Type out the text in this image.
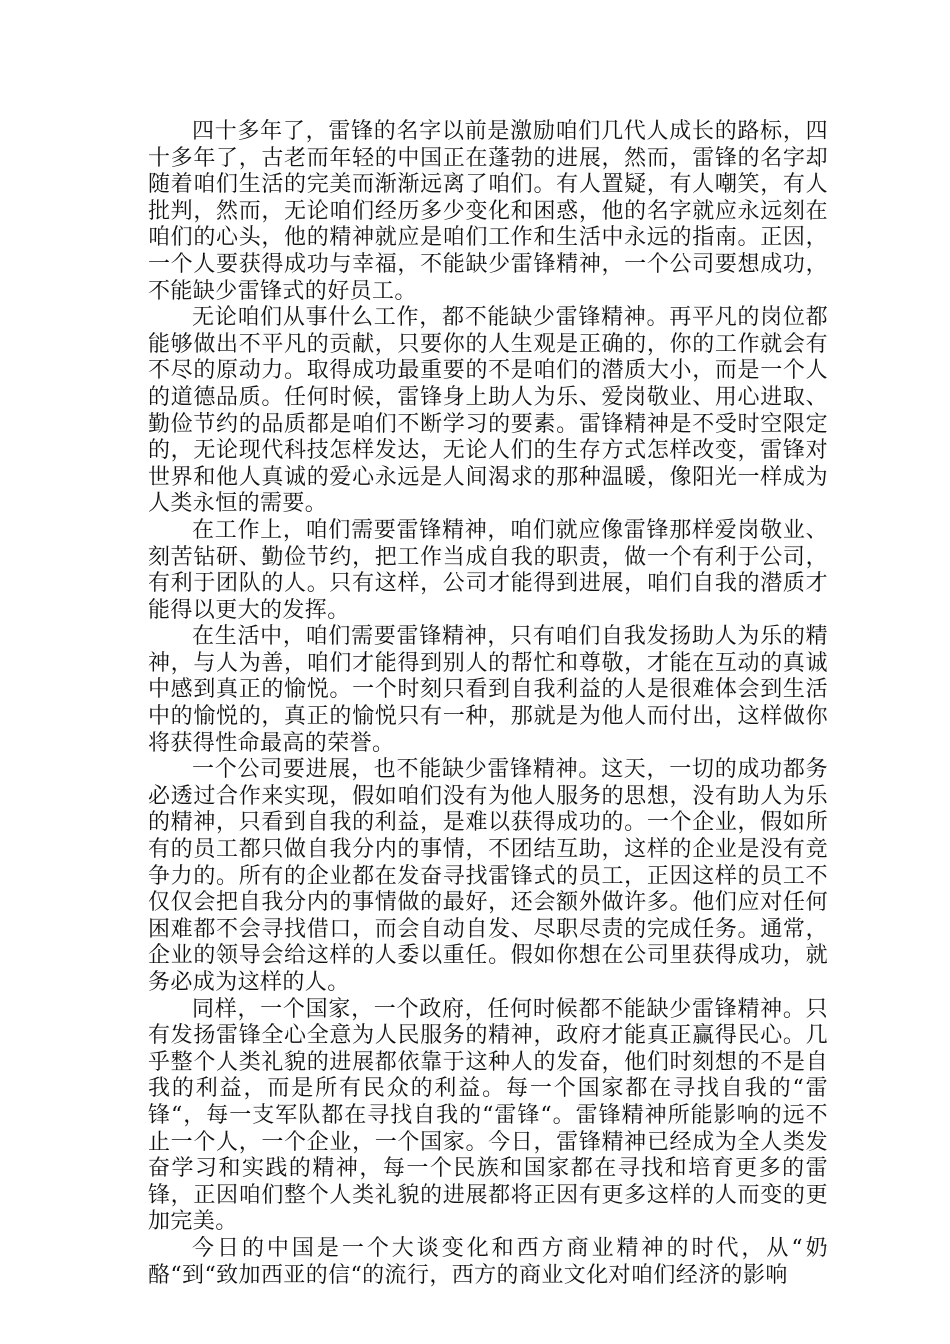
四十多年了，雷锋的名字以前是激励咱们几代人成长的路标，四十多年了，古老而年轻的中国正在蓬勃的进展，然而，雷锋的名字却随着咱们生活的完美而渐渐远离了咱们。有人置疑，有人嘲笑，有人批判，然而，无论咱们经历多少变化和困惑，他的名字就应永远刻在咱们的心头，他的精神就应是咱们工作和生活中永远的指南。正因，一个人要获得成功与幸福，不能缺少雷锋精神，一个公司要想成功，不能缺少雷锋式的好员工。

无论咱们从事什么工作，都不能缺少雷锋精神。再平凡的岗位都能够做出不平凡的贡献，只要你的人生观是正确的，你的工作就会有不尽的原动力。取得成功最重要的不是咱们的潜质大小，而是一个人的道德品质。任何时候，雷锋身上助人为乐、爱岗敬业、用心进取、勤俭节约的品质都是咱们不断学习的要素。雷锋精神是不受时空限定的，无论现代科技怎样发达，无论人们的生存方式怎样改变，雷锋对世界和他人真诚的爱心永远是人间渴求的那种温暖，像阳光一样成为人类永恒的需要。

在工作上，咱们需要雷锋精神，咱们就应像雷锋那样爱岗敬业、刻苦钻研、勤俭节约，把工作当成自我的职责，做一个有利于公司，有利于团队的人。只有这样，公司才能得到进展，咱们自我的潜质才能得以更大的发挥。

在生活中，咱们需要雷锋精神，只有咱们自我发扬助人为乐的精神，与人为善，咱们才能得到别人的帮忙和尊敬，才能在互动的真诚中感到真正的愉悦。一个时刻只看到自我利益的人是很难体会到生活中的愉悦的，真正的愉悦只有一种，那就是为他人而付出，这样做你将获得性命最高的荣誉。

一个公司要进展，也不能缺少雷锋精神。这天，一切的成功都务必透过合作来实现，假如咱们没有为他人服务的思想，没有助人为乐的精神，只看到自我的利益，是难以获得成功的。一个企业，假如所有的员工都只做自我分内的事情，不团结互助，这样的企业是没有竞争力的。所有的企业都在发奋寻找雷锋式的员工，正因这样的员工不仅仅会把自我分内的事情做的最好，还会额外做许多。他们应对任何困难都不会寻找借口，而会自动自发、尽职尽责的完成任务。通常，企业的领导会给这样的人委以重任。假如你想在公司里获得成功，就务必成为这样的人。

同样，一个国家，一个政府，任何时候都不能缺少雷锋精神。只有发扬雷锋全心全意为人民服务的精神，政府才能真正赢得民心。几乎整个人类礼貌的进展都依靠于这种人的发奋，他们时刻想的不是自我的利益，而是所有民众的利益。每一个国家都在寻找自我的“雷锋“，每一支军队都在寻找自我的“雷锋“。雷锋精神所能影响的远不止一个人，一个企业，一个国家。今日，雷锋精神已经成为全人类发奋学习和实践的精神，每一个民族和国家都在寻找和培育更多的雷锋，正因咱们整个人类礼貌的进展都将正因有更多这样的人而变的更加完美。

今日的中国是一个大谈变化和西方商业精神的时代，从“奶酪“到“致加西亚的信“的流行，西方的商业文化对咱们经济的影响
